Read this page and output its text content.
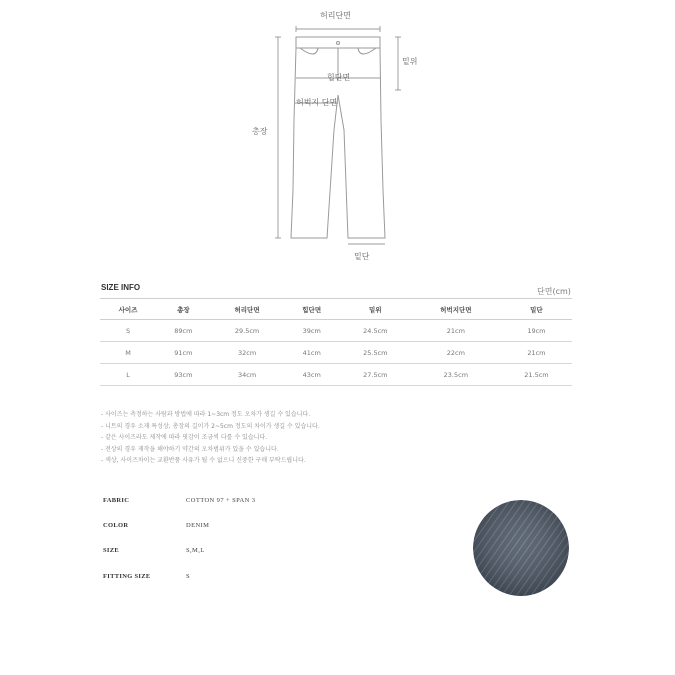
허리단면
밑위
힙단면
허벅지 단면
총장
밑단
SIZE INFO	단면(cm)
사이즈	총장	허리단면	힙단면	밑위	허벅지단면	밑단
S	89cm	29.5cm	39cm	24.5cm	21cm	19cm
M	91cm	32cm	41cm	25.5cm	22cm	21cm
L	93cm	34cm	43cm	27.5cm	23.5cm	21.5cm
- 사이즈는 측정하는 사람과 방법에 따라 1~3cm 정도 오차가 생길 수 있습니다.
- 니트의 경우 소재 특성상, 총장의 길이가 2~5cm 정도의 차이가 생길 수 있습니다.
- 같은 사이즈라도 제작에 따라 핏감이 조금씩 다를 수 있습니다.
- 전상의 경우 재작을 해야하기 약간의 오차범위가 있을 수 있습니다.
- 색상, 사이즈차이는 교환반품 사유가 될 수 없으니 신중한 구매 부탁드립니다.
FABRIC	COTTON 97 + SPAN 3
COLOR	DENIM
SIZE	S,M,L
FITTING SIZE	S
